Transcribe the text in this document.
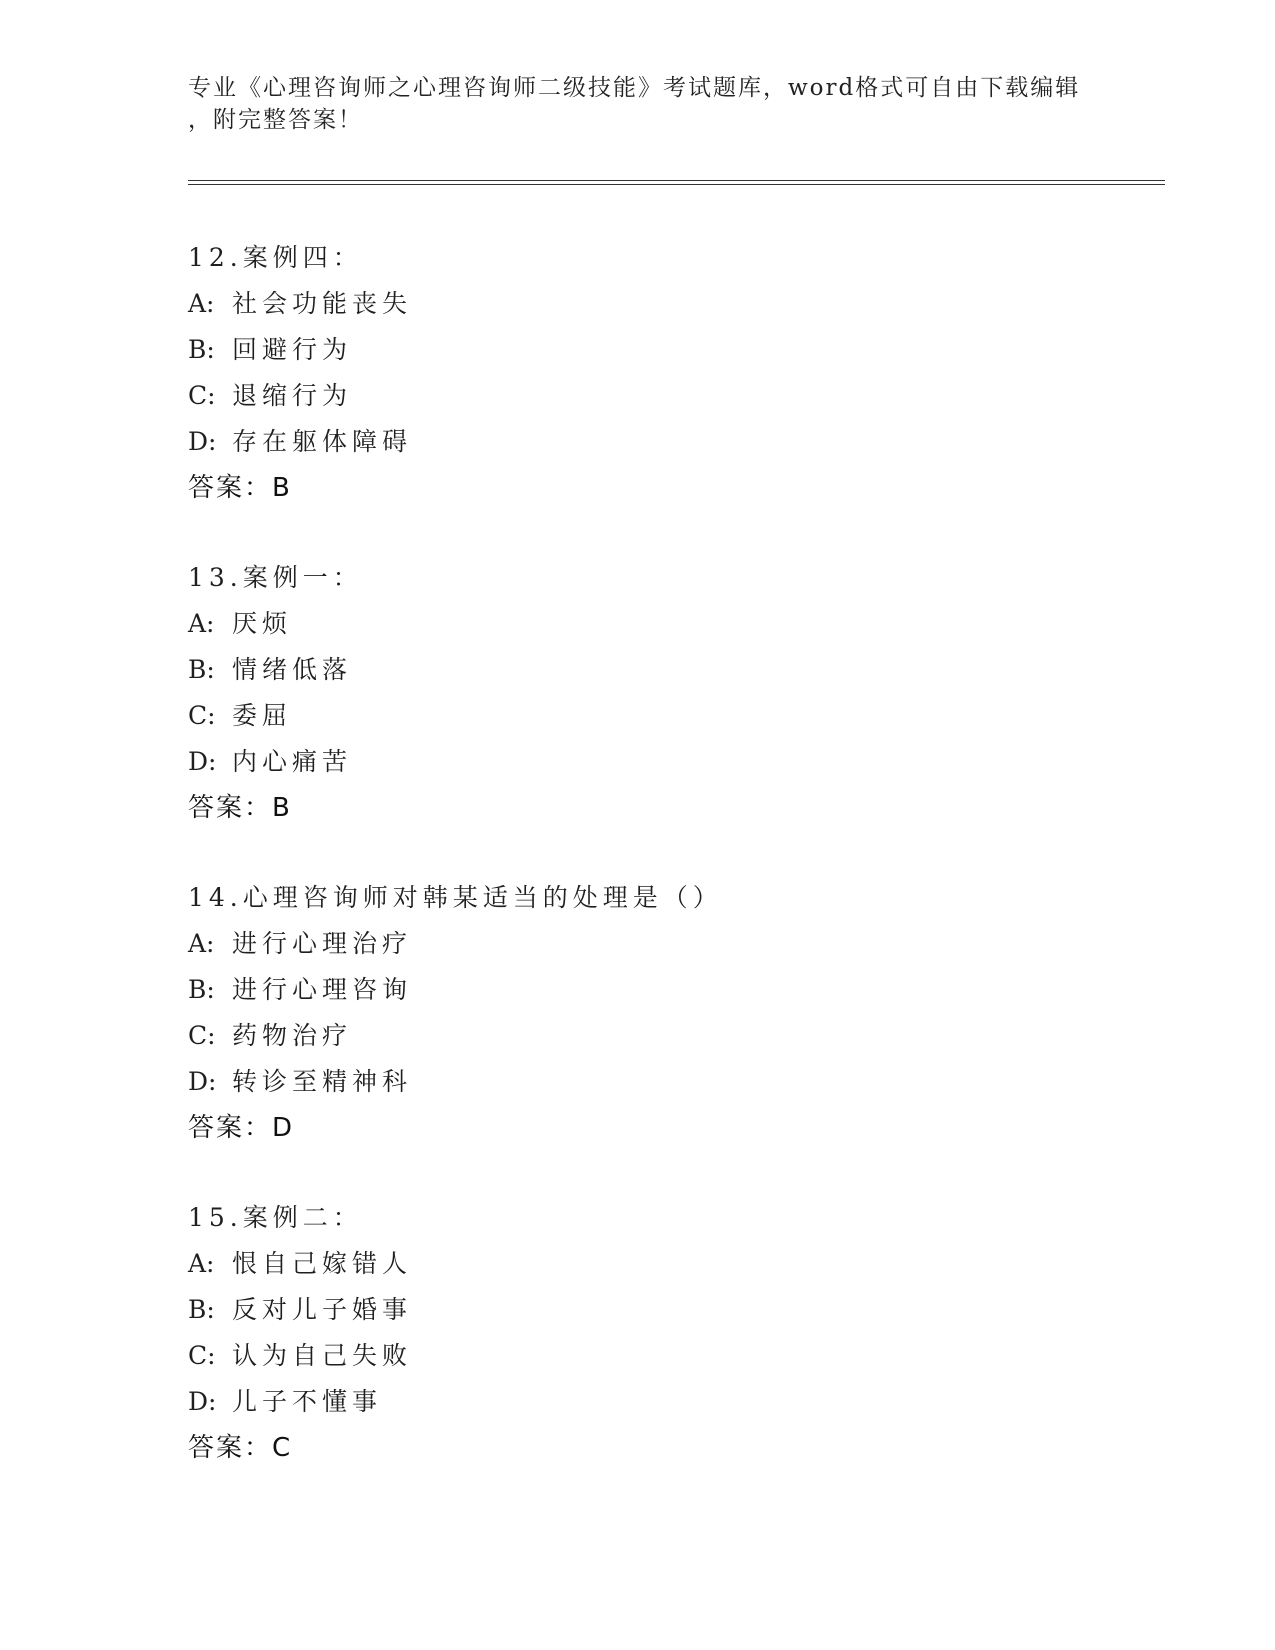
专业《心理咨询师之心理咨询师二级技能》考试题库，word格式可自由下载编辑
，附完整答案！
12.案例四：
A: 社会功能丧失
B: 回避行为
C: 退缩行为
D: 存在躯体障碍
答案：B
13.案例一：
A: 厌烦
B: 情绪低落
C: 委屈
D: 内心痛苦
答案：B
14.心理咨询师对韩某适当的处理是（）
A: 进行心理治疗
B: 进行心理咨询
C: 药物治疗
D: 转诊至精神科
答案：D
15.案例二：
A: 恨自己嫁错人
B: 反对儿子婚事
C: 认为自己失败
D: 儿子不懂事
答案：C
